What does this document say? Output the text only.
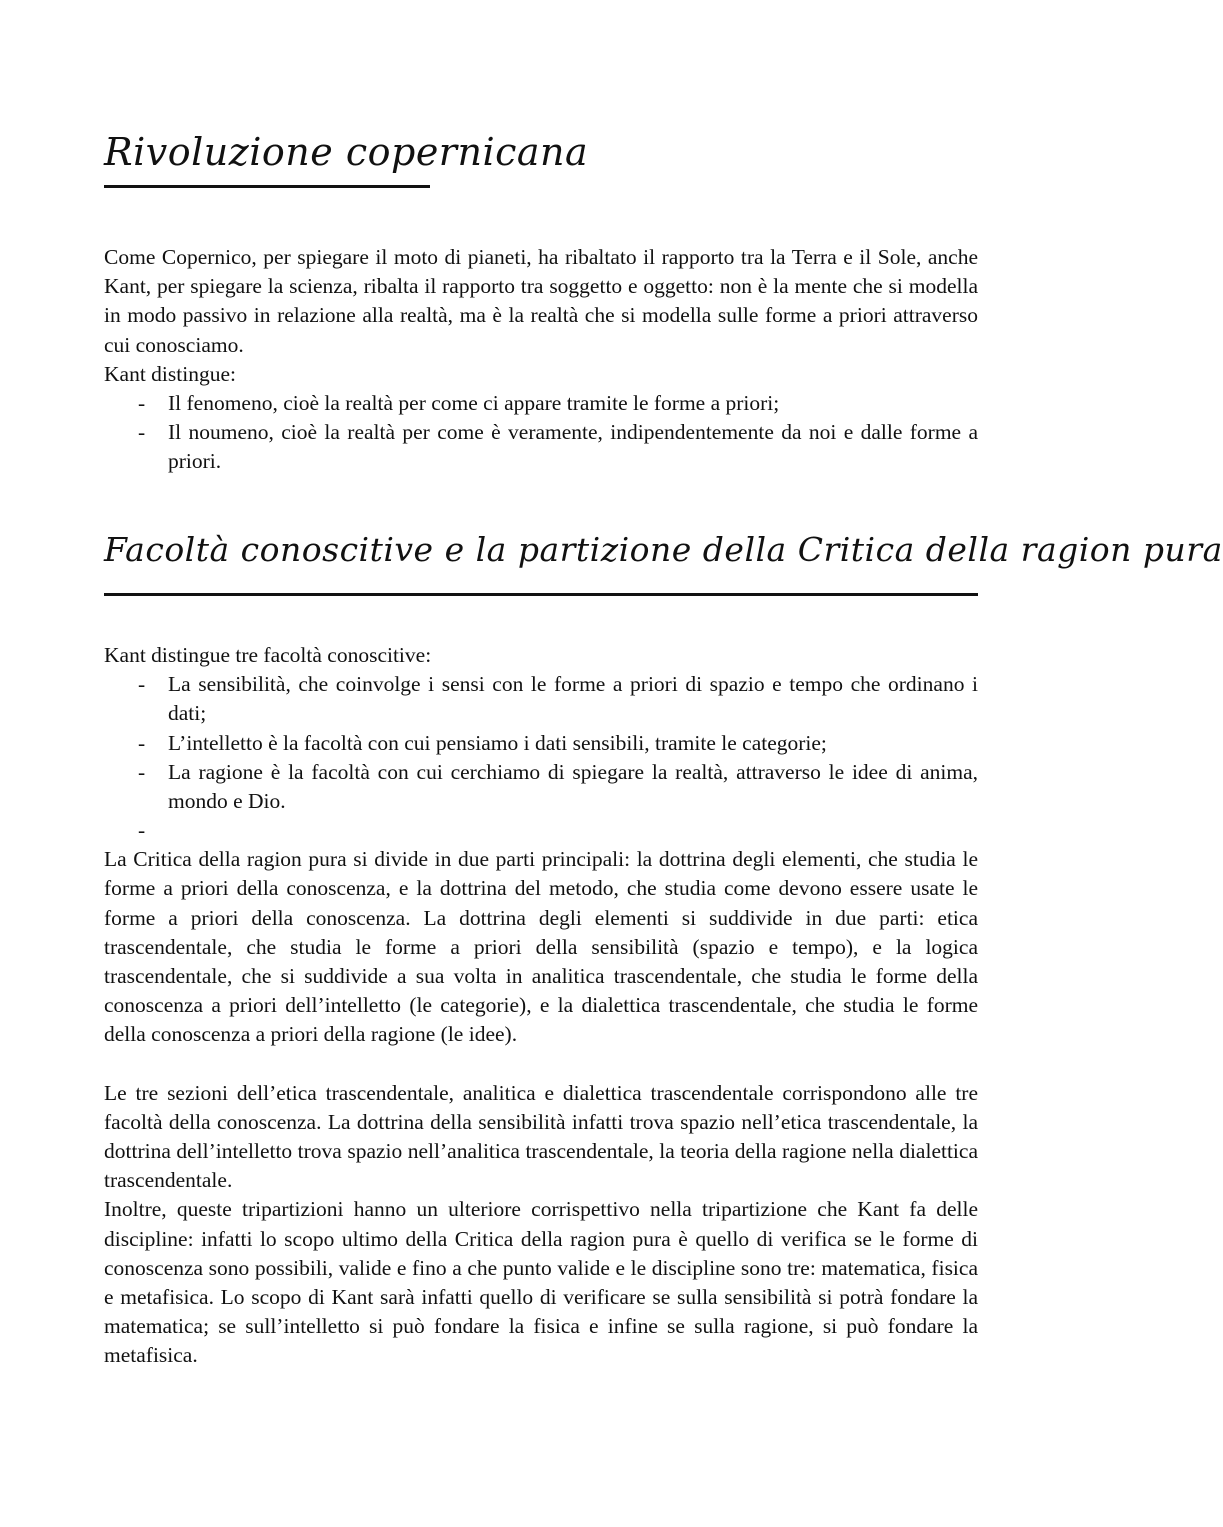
Rivoluzione copernicana

Come Copernico, per spiegare il moto di pianeti, ha ribaltato il rapporto tra la Terra e il Sole, anche Kant, per spiegare la scienza, ribalta il rapporto tra soggetto e oggetto: non è la mente che si modella in modo passivo in relazione alla realtà, ma è la realtà che si modella sulle forme a priori attraverso cui conosciamo.

Kant distingue:

- Il fenomeno, cioè la realtà per come ci appare tramite le forme a priori;
- Il noumeno, cioè la realtà per come è veramente, indipendentemente da noi e dalle forme a priori.
Facoltà conoscitive e la partizione della Critica della ragion pura

Kant distingue tre facoltà conoscitive:

- La sensibilità, che coinvolge i sensi con le forme a priori di spazio e tempo che ordinano i dati;
- L’intelletto è la facoltà con cui pensiamo i dati sensibili, tramite le categorie;
- La ragione è la facoltà con cui cerchiamo di spiegare la realtà, attraverso le idee di anima, mondo e Dio.
-

La Critica della ragion pura si divide in due parti principali: la dottrina degli elementi, che studia le forme a priori della conoscenza, e la dottrina del metodo, che studia come devono essere usate le forme a priori della conoscenza. La dottrina degli elementi si suddivide in due parti: etica trascendentale, che studia le forme a priori della sensibilità (spazio e tempo), e la logica trascendentale, che si suddivide a sua volta in analitica trascendentale, che studia le forme della conoscenza a priori dell’intelletto (le categorie), e la dialettica trascendentale, che studia le forme della conoscenza a priori della ragione (le idee).

Le tre sezioni dell’etica trascendentale, analitica e dialettica trascendentale corrispondono alle tre facoltà della conoscenza. La dottrina della sensibilità infatti trova spazio nell’etica trascendentale, la dottrina dell’intelletto trova spazio nell’analitica trascendentale, la teoria della ragione nella dialettica trascendentale.

Inoltre, queste tripartizioni hanno un ulteriore corrispettivo nella tripartizione che Kant fa delle discipline: infatti lo scopo ultimo della Critica della ragion pura è quello di verifica se le forme di conoscenza sono possibili, valide e fino a che punto valide e le discipline sono tre: matematica, fisica e metafisica. Lo scopo di Kant sarà infatti quello di verificare se sulla sensibilità si potrà fondare la matematica; se sull’intelletto si può fondare la fisica e infine se sulla ragione, si può fondare la metafisica.
